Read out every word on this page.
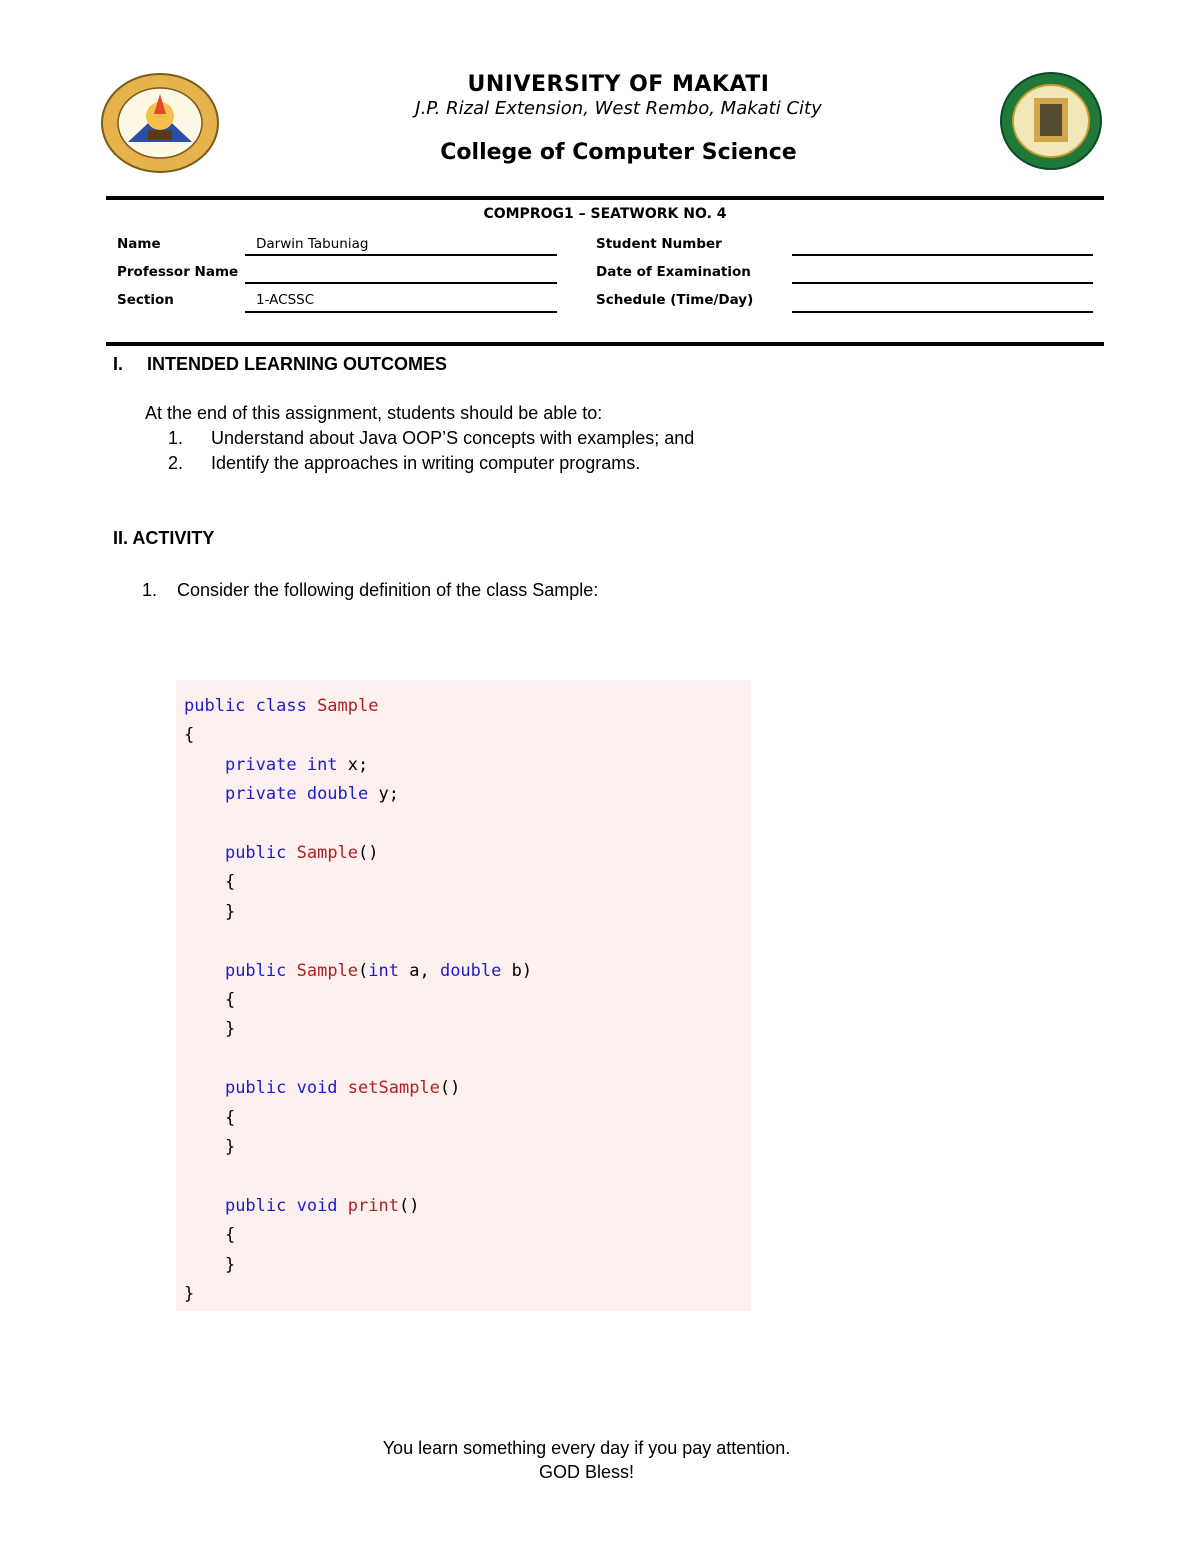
UNIVERSITY OF MAKATI
J.P. Rizal Extension, West Rembo, Makati City
College of Computer Science
COMPROG1 – SEATWORK NO. 4
Name	Darwin Tabuniag
Professor Name
Section	1-ACSSC
Student Number
Date of Examination
Schedule (Time/Day)
I. INTENDED LEARNING OUTCOMES
At the end of this assignment, students should be able to:
1. Understand about Java OOP’S concepts with examples; and
2. Identify the approaches in writing computer programs.
II. ACTIVITY
1. Consider the following definition of the class Sample:
public class Sample
{
private int x;
private double y;
public Sample()
{
}
public Sample(int a, double b)
{
}
public void setSample()
{
}
public void print()
{
}
}
You learn something every day if you pay attention.
GOD Bless!
